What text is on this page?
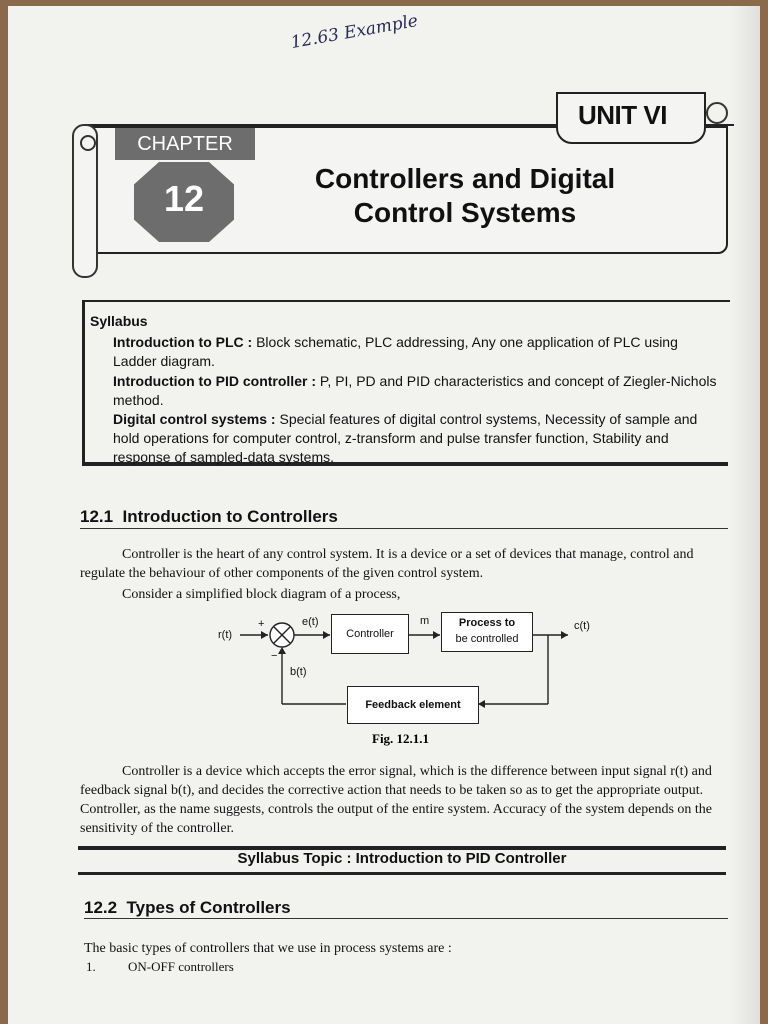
12.63 Example
UNIT VI
CHAPTER
12	Controllers and Digital
Control Systems
Syllabus
Introduction to PLC : Block schematic, PLC addressing, Any one application of PLC using Ladder diagram.
Introduction to PID controller : P, PI, PD and PID characteristics and concept of Ziegler-Nichols method.
Digital control systems : Special features of digital control systems, Necessity of sample and hold operations for computer control, z-transform and pulse transfer function, Stability and response of sampled-data systems.
12.1 Introduction to Controllers
Controller is the heart of any control system. It is a device or a set of devices that manage, control and regulate the behaviour of other components of the given control system.
Consider a simplified block diagram of a process,
r(t)
+
−
e(t)
b(t)
Controller
m	Process to
be controlled
c(t)
Feedback element
Fig. 12.1.1
Controller is a device which accepts the error signal, which is the difference between input signal r(t) and feedback signal b(t), and decides the corrective action that needs to be taken so as to get the appropriate output. Controller, as the name suggests, controls the output of the entire system. Accuracy of the system depends on the sensitivity of the controller.
Syllabus Topic : Introduction to PID Controller
12.2 Types of Controllers
The basic types of controllers that we use in process systems are :
1. ON-OFF controllers
